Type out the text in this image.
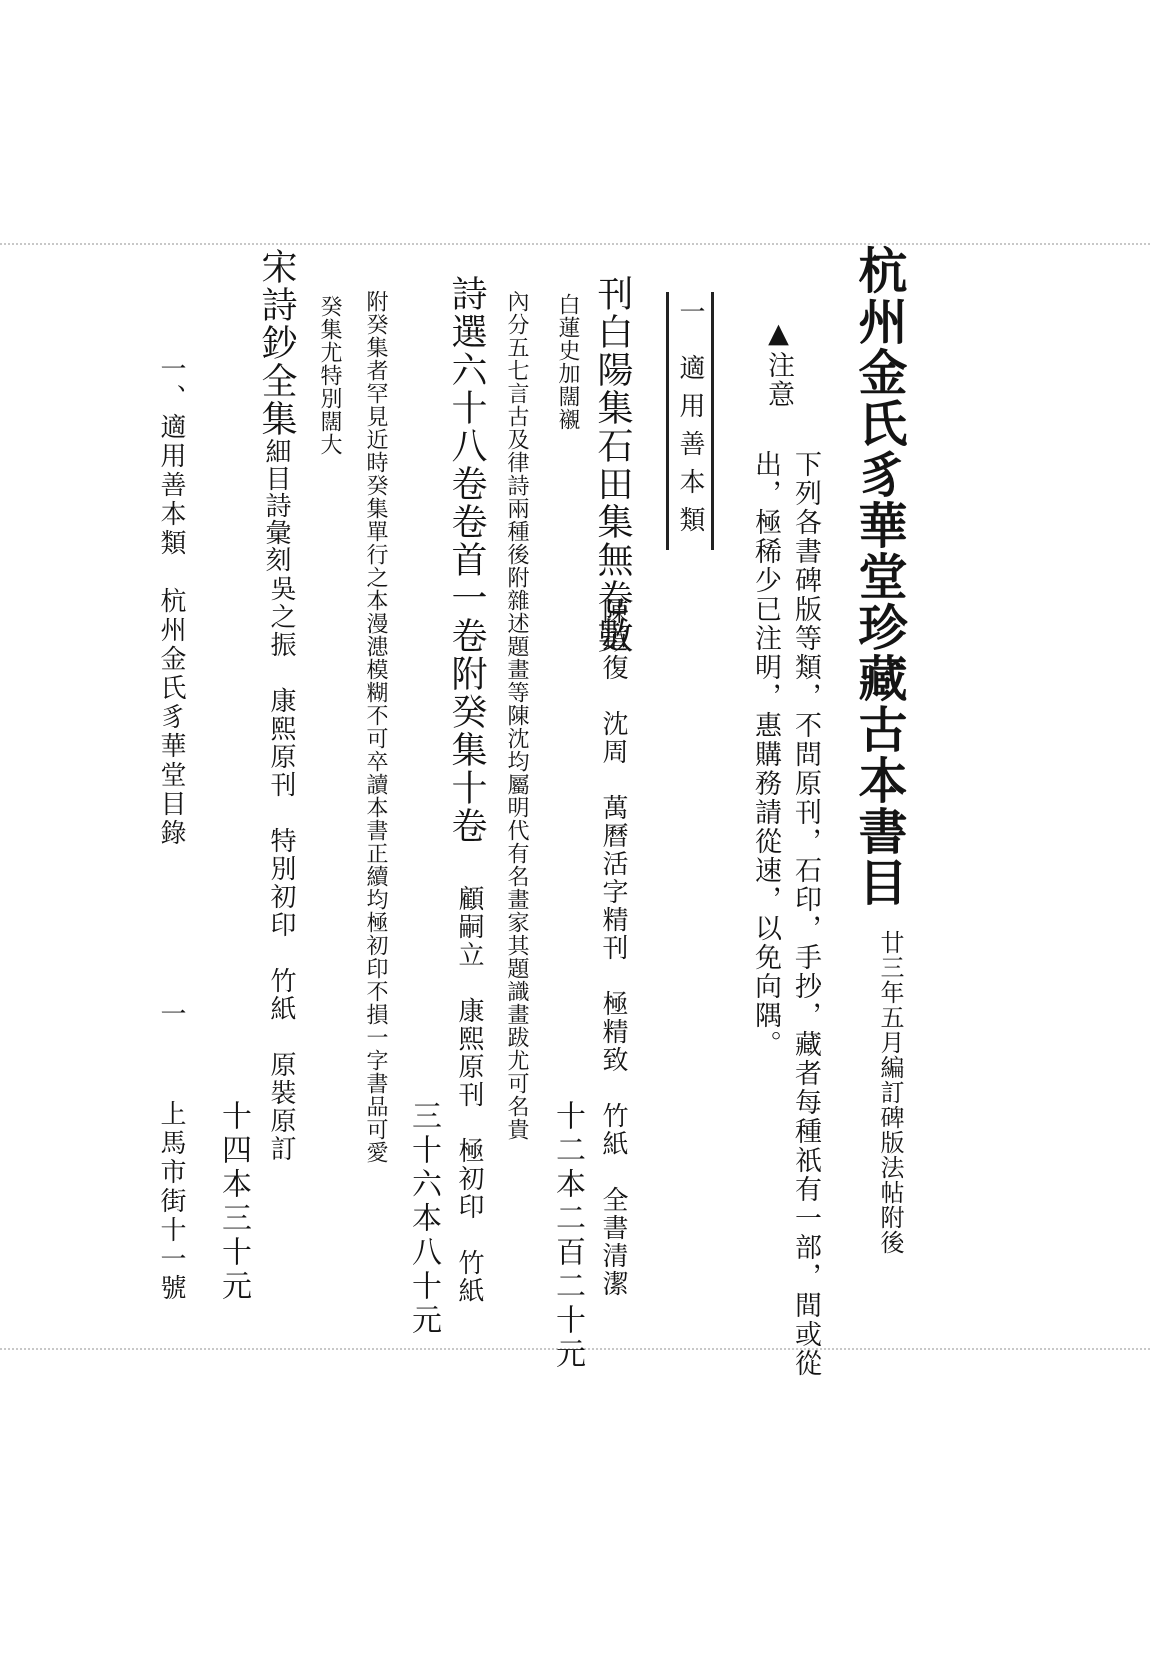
杭州金氏豸華堂珍藏古本書目
廿三年五月編訂碑版法帖附後
▲注意
下列各書碑版等類，不問原刊，石印，手抄，藏者每種祇有一部，間或從
出，極稀少已注明，惠購務請從速，以免向隅。
一適用善本類
刊白陽集石田集無卷數
陳道復　沈周　萬曆活字精刊　極精致　竹紙　全書清潔
十二本二百二十元
白蓮史加闊襯
內分五七言古及律詩兩種後附雜述題畫等陳沈均屬明代有名畫家其題識畫跋尤可名貴
詩選六十八卷卷首一卷附癸集十卷
顧嗣立　康熙原刊　極初印　竹紙
三十六本八十元
附癸集者罕見近時癸集單行之本漫漶模糊不可卒讀本書正續均極初印不損一字書品可愛
癸集尤特別闊大
宋詩鈔全集細目詩彙刻
吳之振　康熙原刊　特別初印　竹紙　原裝原訂
十四本三十元
一、適用善本類　杭州金氏豸華堂目錄
一
上馬市街十一號
